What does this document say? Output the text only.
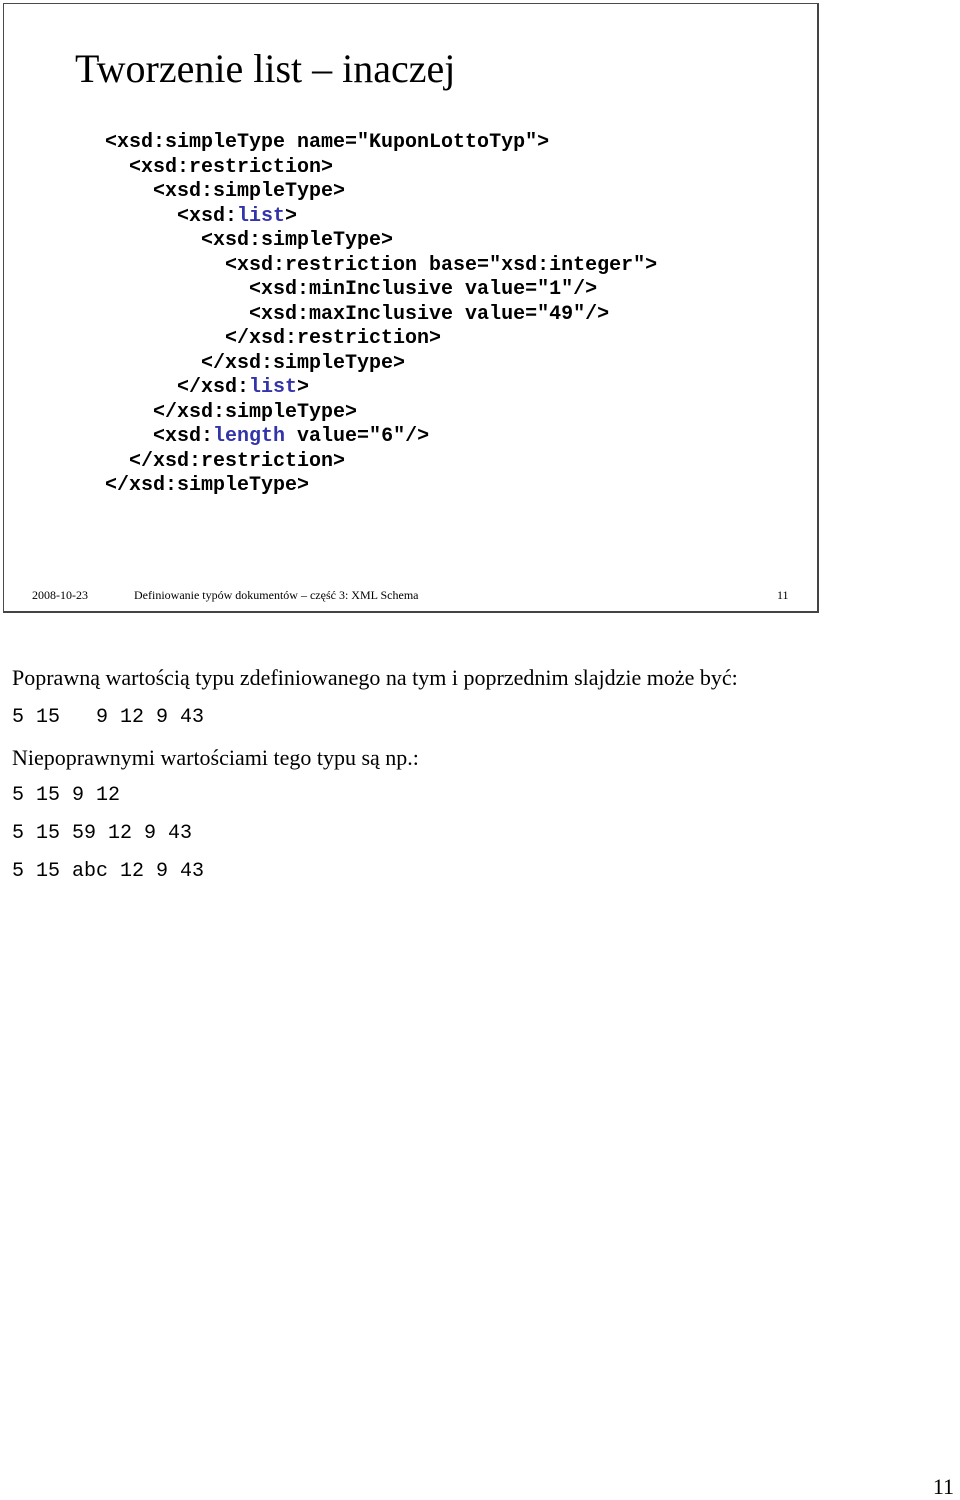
Tworzenie list – inaczej
<xsd:simpleType name="KuponLottoTyp">
<xsd:restriction>
<xsd:simpleType>
<xsd:list>
<xsd:simpleType>
<xsd:restriction base="xsd:integer">
<xsd:minInclusive value="1"/>
<xsd:maxInclusive value="49"/>
</xsd:restriction>
</xsd:simpleType>
</xsd:list>
</xsd:simpleType>
<xsd:length value="6"/>
</xsd:restriction>
</xsd:simpleType>
2008-10-23	Definiowanie typów dokumentów – część 3: XML Schema	11

Poprawną wartością typu zdefiniowanego na tym i poprzednim slajdzie może być:

5 15   9 12 9 43

Niepoprawnymi wartościami tego typu są np.:

5 15 9 12

5 15 59 12 9 43

5 15 abc 12 9 43

11
